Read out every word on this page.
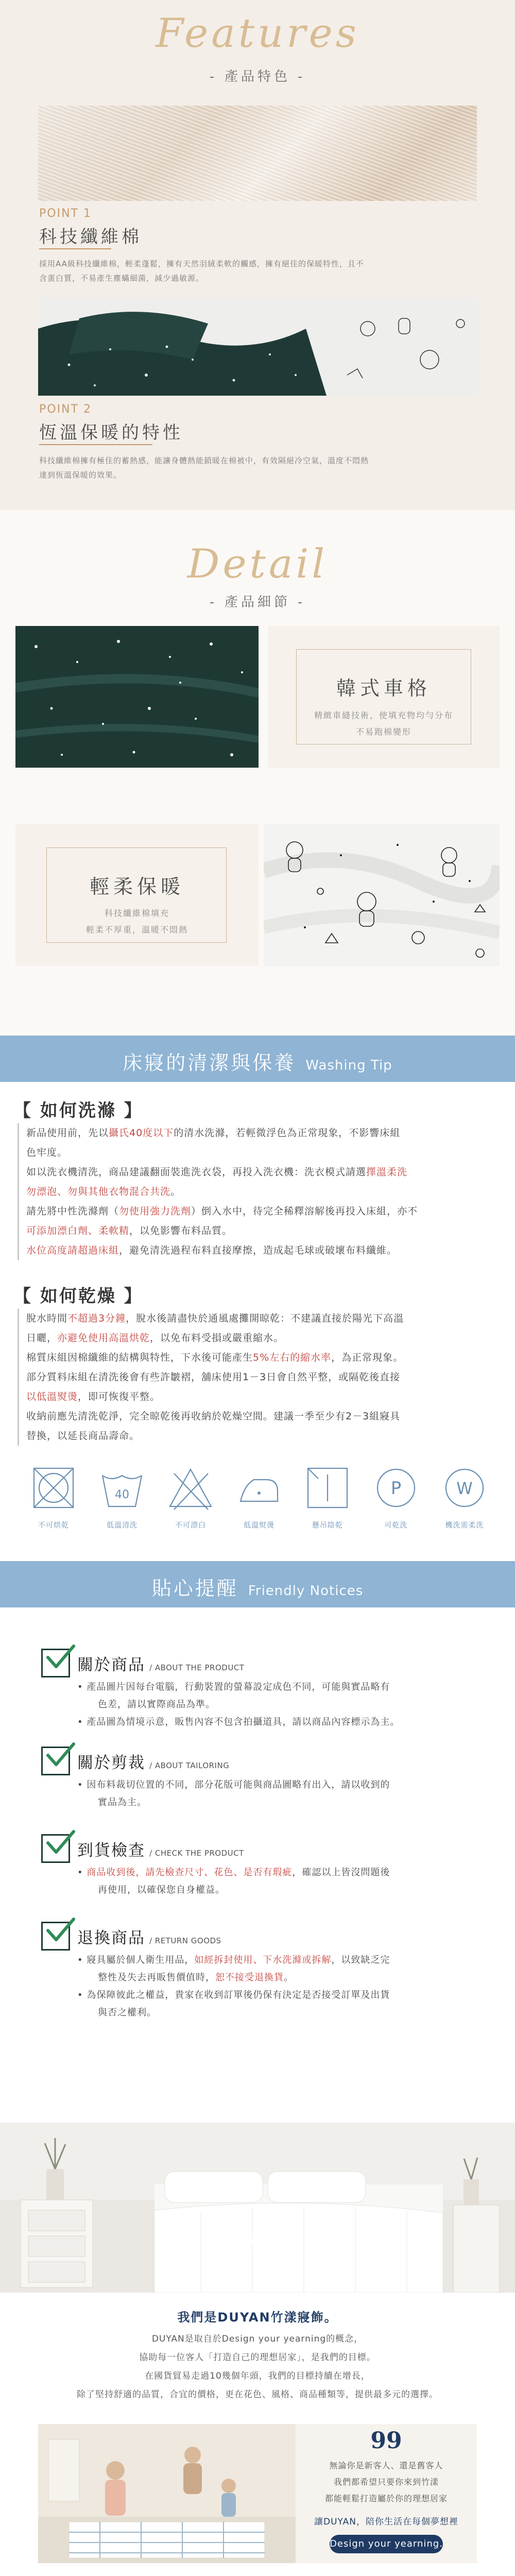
Features
- 產品特色 -
POINT 1
科技纖維棉
採用AA級科技纖維棉，輕柔蓬鬆，擁有天然羽絨柔軟的觸感，擁有絕佳的保暖特性，且不
含蛋白質，不易產生塵蟎細菌，減少過敏源。
POINT 2
恆溫保暖的特性
科技纖維棉擁有極佳的蓄熱感，能讓身體熱能鎖暖在棉被中，有效隔絕冷空氣，溫度不悶熱
達到恆溫保暖的效果。
Detail
- 產品細節 -
韓式車格
精緻車縫技術，使填充物均勻分布
不易跑棉變形
輕柔保暖
科技纖維棉填充
輕柔不厚重，溫暖不悶熱
床寢的清潔與保養 Washing Tip
【 如何洗滌 】
新品使用前，先以攝氏40度以下的清水洗滌，若輕微浮色為正常現象，不影響床組
色牢度。
如以洗衣機清洗，商品建議翻面裝進洗衣袋，再投入洗衣機：洗衣模式請選擇溫柔洗
勿漂泡、勿與其他衣物混合共洗。
請先將中性洗滌劑（勿使用強力洗劑）倒入水中，待完全稀釋溶解後再投入床組，亦不
可添加漂白劑、柔軟精，以免影響布料品質。
水位高度請超過床組，避免清洗過程布料直接摩擦，造成起毛球或破壞布料纖維。
【 如何乾燥 】
脫水時間不超過3分鐘，脫水後請盡快於通風處攤開晾乾：不建議直接於陽光下高溫
日曬，亦避免使用高溫烘乾，以免布料受損或嚴重縮水。
棉質床組因棉纖維的結構與特性，下水後可能產生5%左右的縮水率，為正常現象。
部分質料床組在清洗後會有些許皺褶，舖床使用1－3日會自然平整，或隔乾後直接
以低溫熨燙，即可恢復平整。
收納前應先清洗乾淨，完全晾乾後再收納於乾燥空間。建議一季至少有2－3組寢具
替換，以延長商品壽命。
不可烘乾
40
低溫清洗	不可漂白	低溫熨燙	懸吊陰乾
P
可乾洗
W
機洗需柔洗
貼心提醒 Friendly Notices
關於商品 / ABOUT THE PRODUCT
• 產品圖片因每台電腦，行動裝置的螢幕設定成色不同，可能與實品略有
色差，請以實際商品為準。
• 產品圖為情境示意，販售內容不包含拍攝道具，請以商品內容標示為主。
關於剪裁 / ABOUT TAILORING
• 因布料裁切位置的不同，部分花版可能與商品圖略有出入，請以收到的
實品為主。
到貨檢查 / CHECK THE PRODUCT
• 商品收到後，請先檢查尺寸、花色、是否有瑕疵，確認以上皆沒問題後
再使用，以確保您自身權益。
退換商品 / RETURN GOODS
• 寢具屬於個人衛生用品，如經拆封使用、下水洗滌或拆解，以致缺乏完
整性及失去再販售價值時，恕不接受退換貨。
• 為保障彼此之權益，貴家在收到訂單後仍保有決定是否接受訂單及出貨
與否之權利。
DUYAN
我們是DUYAN竹漾寢飾。
DUYAN是取自於Design your yearning的概念，
協助每一位客人「打造自己的理想居家」，是我們的目標。
在國貨貿易走過10幾個年頭，我們的目標持續在增長，
除了堅持舒適的品質，合宜的價格，更在花色、風格、商品種類等，提供最多元的選擇。
99
無論你是新客人、還是舊客人
我們都希望只要你來到竹漾
都能輕鬆打造屬於你的理想居家
讓DUYAN，陪你生活在每個夢想裡
Design your yearning.
